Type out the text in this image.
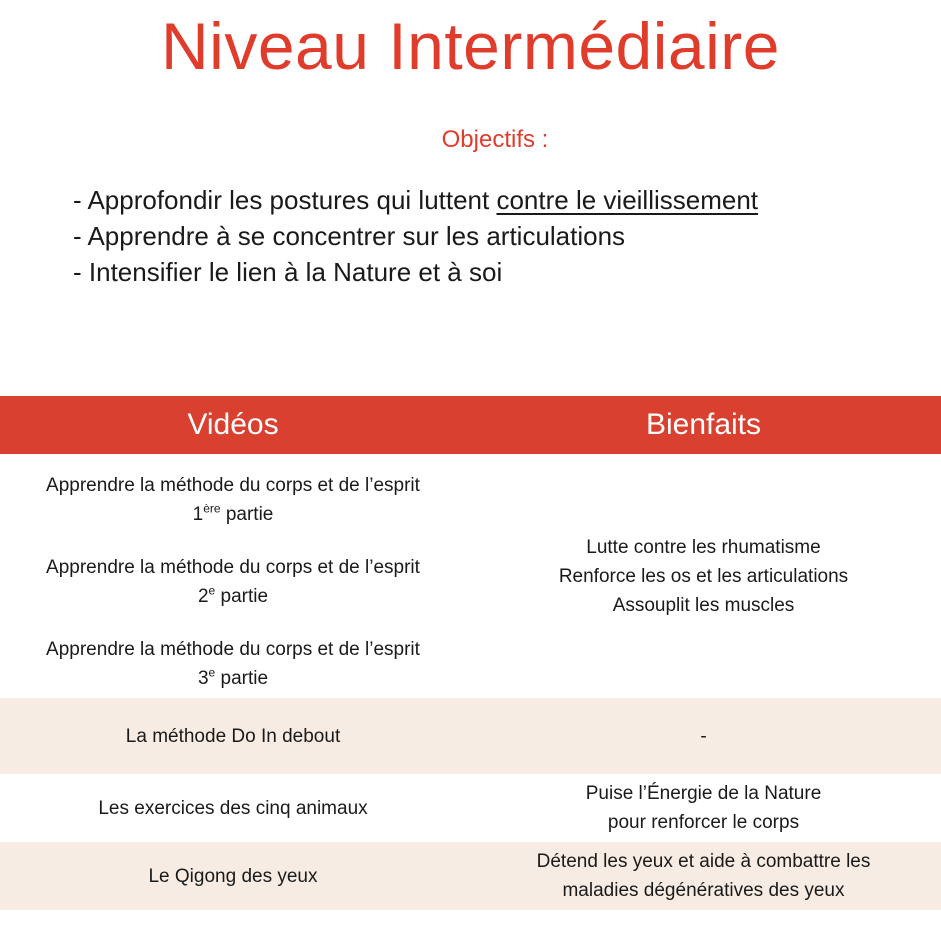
Niveau Intermédiaire
Objectifs :
- Approfondir les postures qui luttent contre le vieillissement
- Apprendre à se concentrer sur les articulations
- Intensifier le lien à la Nature et à soi
Vidéos	Bienfaits
Apprendre la méthode du corps et de l’esprit
1ère partie
Apprendre la méthode du corps et de l’esprit
2e partie
Apprendre la méthode du corps et de l’esprit
3e partie
Lutte contre les rhumatisme
Renforce les os et les articulations
Assouplit les muscles
La méthode Do In debout	-
Les exercices des cinq animaux
Puise l’Énergie de la Nature
pour renforcer le corps
Le Qigong des yeux
Détend les yeux et aide à combattre les
maladies dégénératives des yeux
